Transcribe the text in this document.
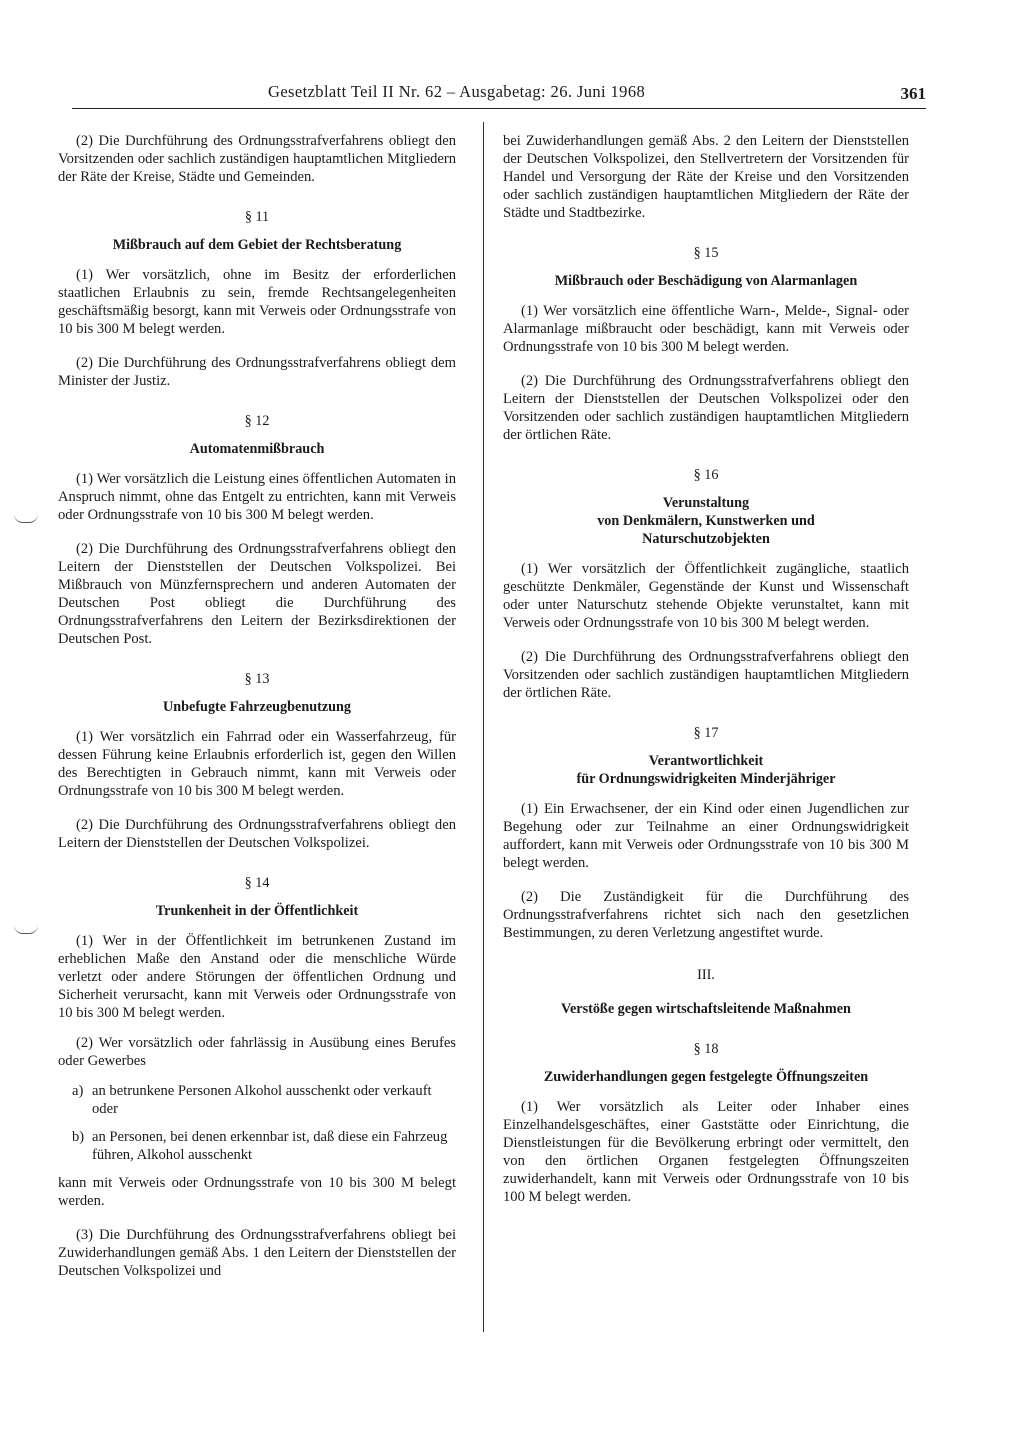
Gesetzblatt Teil II Nr. 62 – Ausgabetag: 26. Juni 1968	361

(2) Die Durchführung des Ordnungsstrafverfahrens obliegt den Vorsitzenden oder sachlich zuständigen hauptamtlichen Mitgliedern der Räte der Kreise, Städte und Gemeinden.

§ 11
Mißbrauch auf dem Gebiet der Rechtsberatung

(1) Wer vorsätzlich, ohne im Besitz der erforderlichen staatlichen Erlaubnis zu sein, fremde Rechtsangelegenheiten geschäftsmäßig besorgt, kann mit Verweis oder Ordnungsstrafe von 10 bis 300 M belegt werden.

(2) Die Durchführung des Ordnungsstrafverfahrens obliegt dem Minister der Justiz.

§ 12
Automatenmißbrauch

(1) Wer vorsätzlich die Leistung eines öffentlichen Automaten in Anspruch nimmt, ohne das Entgelt zu entrichten, kann mit Verweis oder Ordnungsstrafe von 10 bis 300 M belegt werden.

(2) Die Durchführung des Ordnungsstrafverfahrens obliegt den Leitern der Dienststellen der Deutschen Volkspolizei. Bei Mißbrauch von Münzfernsprechern und anderen Automaten der Deutschen Post obliegt die Durchführung des Ordnungsstrafverfahrens den Leitern der Bezirksdirektionen der Deutschen Post.

§ 13
Unbefugte Fahrzeugbenutzung

(1) Wer vorsätzlich ein Fahrrad oder ein Wasserfahrzeug, für dessen Führung keine Erlaubnis erforderlich ist, gegen den Willen des Berechtigten in Gebrauch nimmt, kann mit Verweis oder Ordnungsstrafe von 10 bis 300 M belegt werden.

(2) Die Durchführung des Ordnungsstrafverfahrens obliegt den Leitern der Dienststellen der Deutschen Volkspolizei.

§ 14
Trunkenheit in der Öffentlichkeit

(1) Wer in der Öffentlichkeit im betrunkenen Zustand im erheblichen Maße den Anstand oder die menschliche Würde verletzt oder andere Störungen der öffentlichen Ordnung und Sicherheit verursacht, kann mit Verweis oder Ordnungsstrafe von 10 bis 300 M belegt werden.

(2) Wer vorsätzlich oder fahrlässig in Ausübung eines Berufes oder Gewerbes

a) an betrunkene Personen Alkohol ausschenkt oder verkauft oder
b) an Personen, bei denen erkennbar ist, daß diese ein Fahrzeug führen, Alkohol ausschenkt

kann mit Verweis oder Ordnungsstrafe von 10 bis 300 M belegt werden.

(3) Die Durchführung des Ordnungsstrafverfahrens obliegt bei Zuwiderhandlungen gemäß Abs. 1 den Leitern der Dienststellen der Deutschen Volkspolizei und

bei Zuwiderhandlungen gemäß Abs. 2 den Leitern der Dienststellen der Deutschen Volkspolizei, den Stellvertretern der Vorsitzenden für Handel und Versorgung der Räte der Kreise und den Vorsitzenden oder sachlich zuständigen hauptamtlichen Mitgliedern der Räte der Städte und Stadtbezirke.

§ 15
Mißbrauch oder Beschädigung von Alarmanlagen

(1) Wer vorsätzlich eine öffentliche Warn-, Melde-, Signal- oder Alarmanlage mißbraucht oder beschädigt, kann mit Verweis oder Ordnungsstrafe von 10 bis 300 M belegt werden.

(2) Die Durchführung des Ordnungsstrafverfahrens obliegt den Leitern der Dienststellen der Deutschen Volkspolizei oder den Vorsitzenden oder sachlich zuständigen hauptamtlichen Mitgliedern der örtlichen Räte.

§ 16
Verunstaltung
von Denkmälern, Kunstwerken und
Naturschutzobjekten

(1) Wer vorsätzlich der Öffentlichkeit zugängliche, staatlich geschützte Denkmäler, Gegenstände der Kunst und Wissenschaft oder unter Naturschutz stehende Objekte verunstaltet, kann mit Verweis oder Ordnungsstrafe von 10 bis 300 M belegt werden.

(2) Die Durchführung des Ordnungsstrafverfahrens obliegt den Vorsitzenden oder sachlich zuständigen hauptamtlichen Mitgliedern der örtlichen Räte.

§ 17
Verantwortlichkeit
für Ordnungswidrigkeiten Minderjähriger

(1) Ein Erwachsener, der ein Kind oder einen Jugendlichen zur Begehung oder zur Teilnahme an einer Ordnungswidrigkeit auffordert, kann mit Verweis oder Ordnungsstrafe von 10 bis 300 M belegt werden.

(2) Die Zuständigkeit für die Durchführung des Ordnungsstrafverfahrens richtet sich nach den gesetzlichen Bestimmungen, zu deren Verletzung angestiftet wurde.

III.
Verstöße gegen wirtschaftsleitende Maßnahmen
§ 18
Zuwiderhandlungen gegen festgelegte Öffnungszeiten

(1) Wer vorsätzlich als Leiter oder Inhaber eines Einzelhandelsgeschäftes, einer Gaststätte oder Einrichtung, die Dienstleistungen für die Bevölkerung erbringt oder vermittelt, den von den örtlichen Organen festgelegten Öffnungszeiten zuwiderhandelt, kann mit Verweis oder Ordnungsstrafe von 10 bis 100 M belegt werden.
